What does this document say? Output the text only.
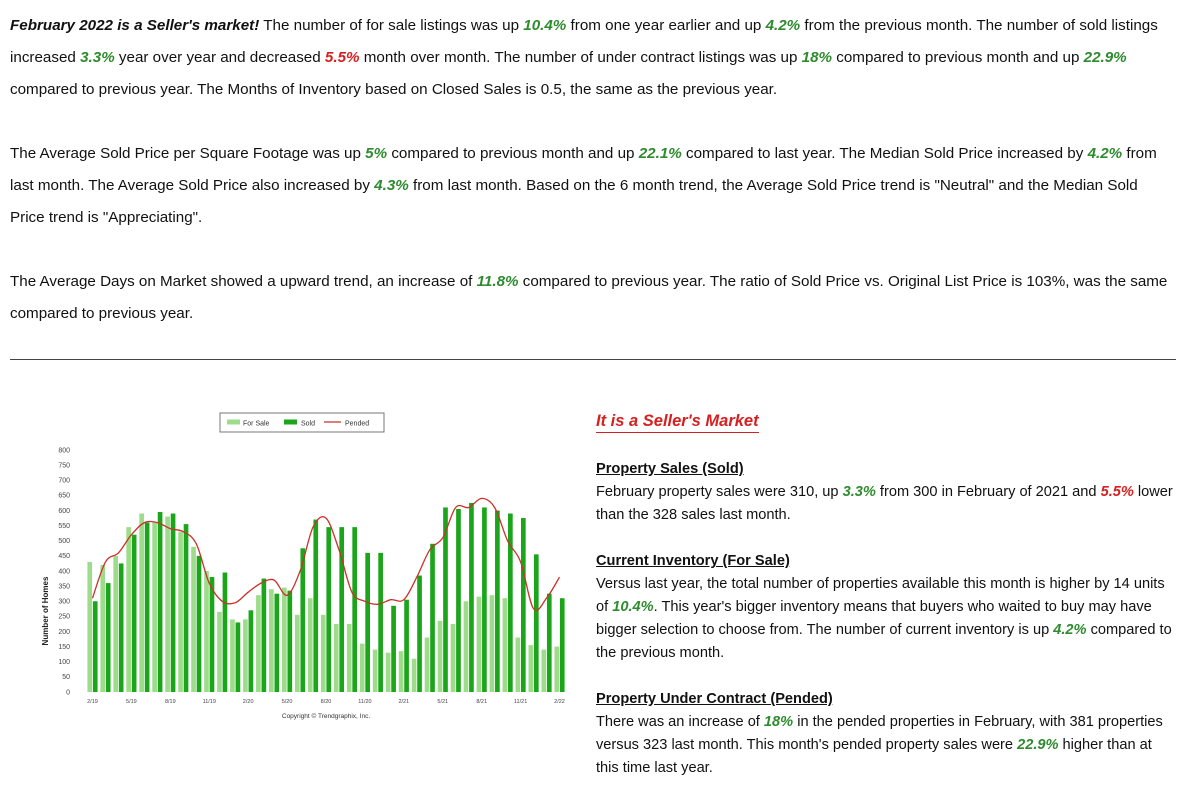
February 2022 is a Seller's market! The number of for sale listings was up 10.4% from one year earlier and up 4.2% from the previous month. The number of sold listings increased 3.3% year over year and decreased 5.5% month over month. The number of under contract listings was up 18% compared to previous month and up 22.9% compared to previous year. The Months of Inventory based on Closed Sales is 0.5, the same as the previous year.

The Average Sold Price per Square Footage was up 5% compared to previous month and up 22.1% compared to last year. The Median Sold Price increased by 4.2% from last month. The Average Sold Price also increased by 4.3% from last month. Based on the 6 month trend, the Average Sold Price trend is "Neutral" and the Median Sold Price trend is "Appreciating".

The Average Days on Market showed a upward trend, an increase of 11.8% compared to previous year. The ratio of Sold Price vs. Original List Price is 103%, was the same compared to previous year.

For Sale	Sold	Pended
0
50
100
150
200
250
300
350
400
450
500
550
600
650
700
750
800
2/19	5/19	8/19	11/19	2/20	5/20	8/20	11/20	2/21	5/21	8/21	11/21	2/22
Number of Homes
Copyright © Trendgraphix, Inc.
It is a Seller's Market
Property Sales (Sold)
February property sales were 310, up 3.3% from 300 in February of 2021 and 5.5% lower than the 328 sales last month.
Current Inventory (For Sale)
Versus last year, the total number of properties available this month is higher by 14 units of 10.4%. This year's bigger inventory means that buyers who waited to buy may have bigger selection to choose from. The number of current inventory is up 4.2% compared to the previous month.
Property Under Contract (Pended)
There was an increase of 18% in the pended properties in February, with 381 properties versus 323 last month. This month's pended property sales were 22.9% higher than at this time last year.
